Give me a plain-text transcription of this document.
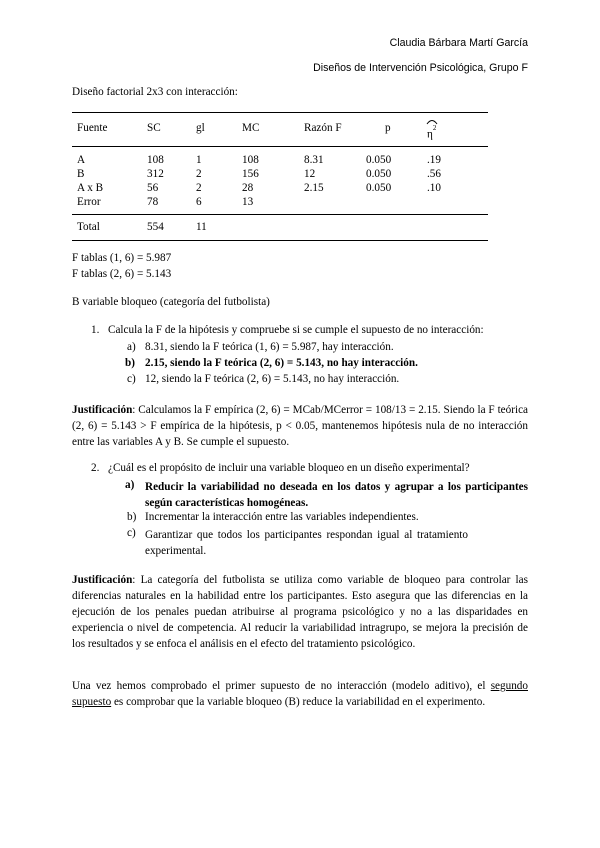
Claudia Bárbara Martí García
Diseños de Intervención Psicológica, Grupo F
Diseño factorial 2x3 con interacción:
Fuente	SC	gl	MC	Razón F	p
$\eta^2$
A	108	1	108	8.31	0.050	.19
B	312	2	156	12	0.050	.56
A x B	56	2	28	2.15	0.050	.10
Error	78	6	13
Total	554	11
F tablas (1, 6) = 5.987
F tablas (2, 6) = 5.143
B variable bloqueo (categoría del futbolista)
1. Calcula la F de la hipótesis y compruebe si se cumple el supuesto de no interacción:
a) 8.31, siendo la F teórica (1, 6) = 5.987, hay interacción.
b) 2.15, siendo la F teórica (2, 6) = 5.143, no hay interacción.
c) 12, siendo la F teórica (2, 6) = 5.143, no hay interacción.
Justificación: Calculamos la F empírica (2, 6) = MCab/MCerror = 108/13 = 2.15. Siendo la F teórica (2, 6) = 5.143 > F empírica de la hipótesis, p < 0.05, mantenemos hipótesis nula de no interacción entre las variables A y B. Se cumple el supuesto.
2. ¿Cuál es el propósito de incluir una variable bloqueo en un diseño experimental?
a) Reducir la variabilidad no deseada en los datos y agrupar a los participantes según características homogéneas.
b) Incrementar la interacción entre las variables independientes.
c) Garantizar que todos los participantes respondan igual al tratamiento experimental.
Justificación: La categoría del futbolista se utiliza como variable de bloqueo para controlar las diferencias naturales en la habilidad entre los participantes. Esto asegura que las diferencias en la ejecución de los penales puedan atribuirse al programa psicológico y no a las disparidades en experiencia o nivel de competencia. Al reducir la variabilidad intragrupo, se mejora la precisión de los resultados y se enfoca el análisis en el efecto del tratamiento psicológico.
Una vez hemos comprobado el primer supuesto de no interacción (modelo aditivo), el segundo supuesto es comprobar que la variable bloqueo (B) reduce la variabilidad en el experimento.
